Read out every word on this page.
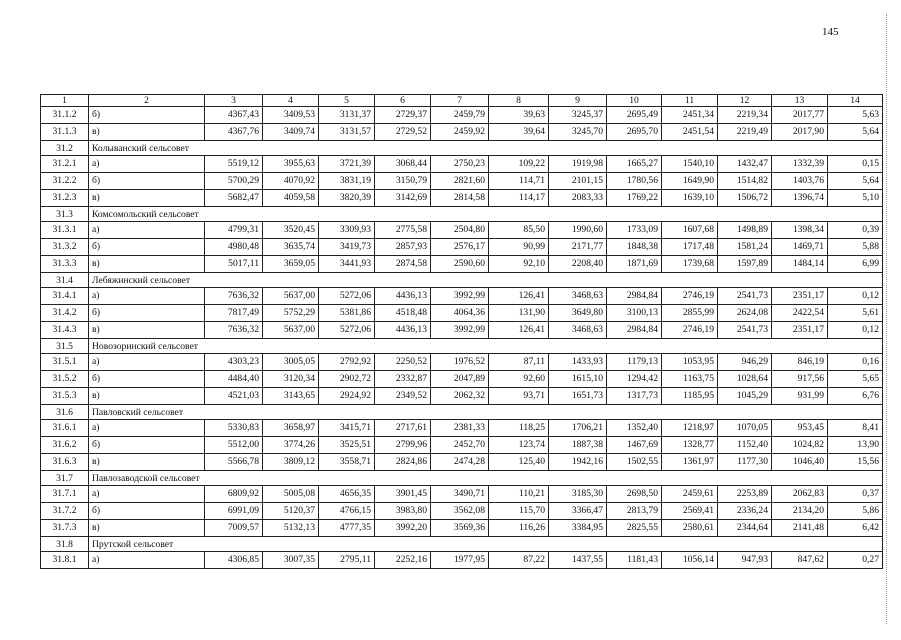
145
1	2	3	4	5	6	7	8	9	10	11	12	13	14
31.1.2	б)	4367,43	3409,53	3131,37	2729,37	2459,79	39,63	3245,37	2695,49	2451,34	2219,34	2017,77	5,63
31.1.3	в)	4367,76	3409,74	3131,57	2729,52	2459,92	39,64	3245,70	2695,70	2451,54	2219,49	2017,90	5,64
31.2	Колыванский сельсовет												
31.2.1	а)	5519,12	3955,63	3721,39	3068,44	2750,23	109,22	1919,98	1665,27	1540,10	1432,47	1332,39	0,15
31.2.2	б)	5700,29	4070,92	3831,19	3150,79	2821,60	114,71	2101,15	1780,56	1649,90	1514,82	1403,76	5,64
31.2.3	в)	5682,47	4059,58	3820,39	3142,69	2814,58	114,17	2083,33	1769,22	1639,10	1506,72	1396,74	5,10
31.3	Комсомольский сельсовет												
31.3.1	а)	4799,31	3520,45	3309,93	2775,58	2504,80	85,50	1990,60	1733,09	1607,68	1498,89	1398,34	0,39
31.3.2	б)	4980,48	3635,74	3419,73	2857,93	2576,17	90,99	2171,77	1848,38	1717,48	1581,24	1469,71	5,88
31.3.3	в)	5017,11	3659,05	3441,93	2874,58	2590,60	92,10	2208,40	1871,69	1739,68	1597,89	1484,14	6,99
31.4	Лебяжинский сельсовет												
31.4.1	а)	7636,32	5637,00	5272,06	4436,13	3992,99	126,41	3468,63	2984,84	2746,19	2541,73	2351,17	0,12
31.4.2	б)	7817,49	5752,29	5381,86	4518,48	4064,36	131,90	3649,80	3100,13	2855,99	2624,08	2422,54	5,61
31.4.3	в)	7636,32	5637,00	5272,06	4436,13	3992,99	126,41	3468,63	2984,84	2746,19	2541,73	2351,17	0,12
31.5	Новозоринский сельсовет												
31.5.1	а)	4303,23	3005,05	2792,92	2250,52	1976,52	87,11	1433,93	1179,13	1053,95	946,29	846,19	0,16
31.5.2	б)	4484,40	3120,34	2902,72	2332,87	2047,89	92,60	1615,10	1294,42	1163,75	1028,64	917,56	5,65
31.5.3	в)	4521,03	3143,65	2924,92	2349,52	2062,32	93,71	1651,73	1317,73	1185,95	1045,29	931,99	6,76
31.6	Павловский сельсовет												
31.6.1	а)	5330,83	3658,97	3415,71	2717,61	2381,33	118,25	1706,21	1352,40	1218,97	1070,05	953,45	8,41
31.6.2	б)	5512,00	3774,26	3525,51	2799,96	2452,70	123,74	1887,38	1467,69	1328,77	1152,40	1024,82	13,90
31.6.3	в)	5566,78	3809,12	3558,71	2824,86	2474,28	125,40	1942,16	1502,55	1361,97	1177,30	1046,40	15,56
31.7	Павлозаводской сельсовет												
31.7.1	а)	6809,92	5005,08	4656,35	3901,45	3490,71	110,21	3185,30	2698,50	2459,61	2253,89	2062,83	0,37
31.7.2	б)	6991,09	5120,37	4766,15	3983,80	3562,08	115,70	3366,47	2813,79	2569,41	2336,24	2134,20	5,86
31.7.3	в)	7009,57	5132,13	4777,35	3992,20	3569,36	116,26	3384,95	2825,55	2580,61	2344,64	2141,48	6,42
31.8	Прутской сельсовет												
31.8.1	а)	4306,85	3007,35	2795,11	2252,16	1977,95	87,22	1437,55	1181,43	1056,14	947,93	847,62	0,27
